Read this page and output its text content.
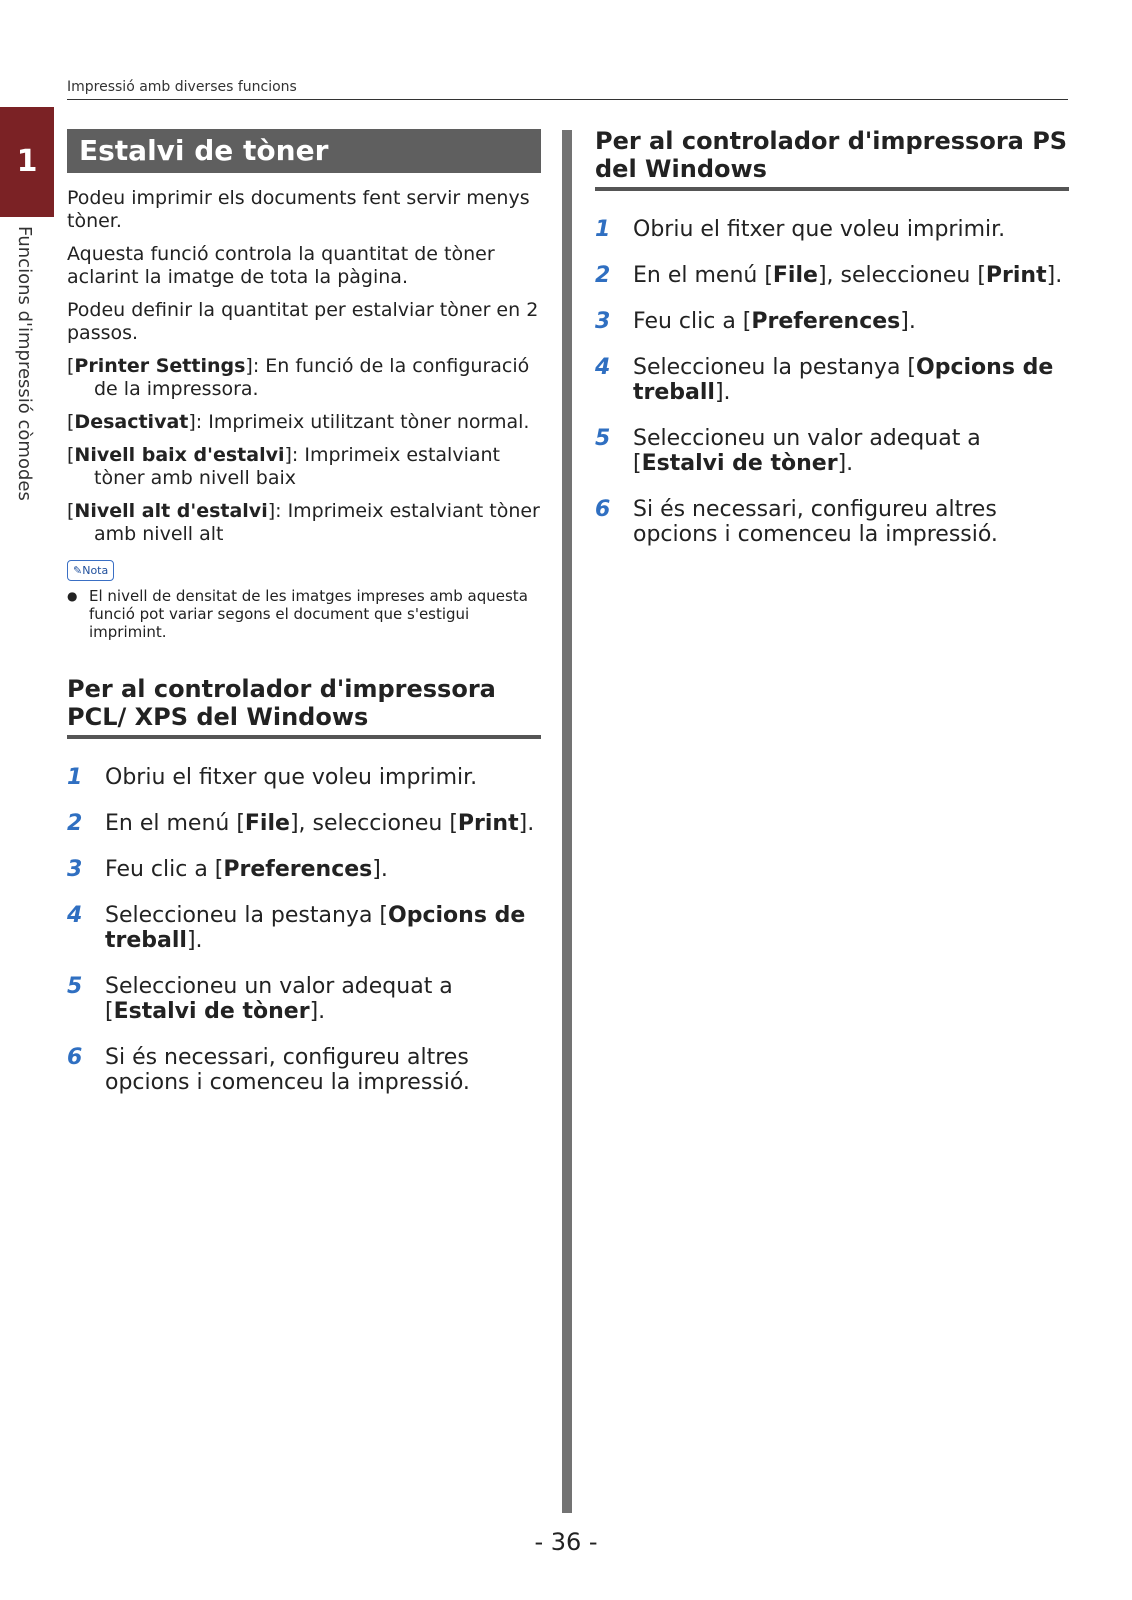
Impressió amb diverses funcions
1
Funcions d'impressió còmodes
Estalvi de tòner

Podeu imprimir els documents fent servir menys tòner.

Aquesta funció controla la quantitat de tòner aclarint la imatge de tota la pàgina.

Podeu definir la quantitat per estalviar tòner en 2 passos.

[Printer Settings]: En funció de la configuració de la impressora.

[Desactivat]: Imprimeix utilitzant tòner normal.

[Nivell baix d'estalvi]: Imprimeix estalviant tòner amb nivell baix

[Nivell alt d'estalvi]: Imprimeix estalviant tòner amb nivell alt

✎Nota
● El nivell de densitat de les imatges impreses amb aquesta funció pot variar segons el document que s'estigui imprimint.
Per al controlador d'impressora PCL/ XPS del Windows
1 Obriu el fitxer que voleu imprimir.
2 En el menú [File], seleccioneu [Print].
3 Feu clic a [Preferences].
4 Seleccioneu la pestanya [Opcions de treball].
5 Seleccioneu un valor adequat a [Estalvi de tòner].
6 Si és necessari, configureu altres opcions i comenceu la impressió.
Per al controlador d'impressora PS del Windows
1 Obriu el fitxer que voleu imprimir.
2 En el menú [File], seleccioneu [Print].
3 Feu clic a [Preferences].
4 Seleccioneu la pestanya [Opcions de treball].
5 Seleccioneu un valor adequat a [Estalvi de tòner].
6 Si és necessari, configureu altres opcions i comenceu la impressió.
- 36 -
